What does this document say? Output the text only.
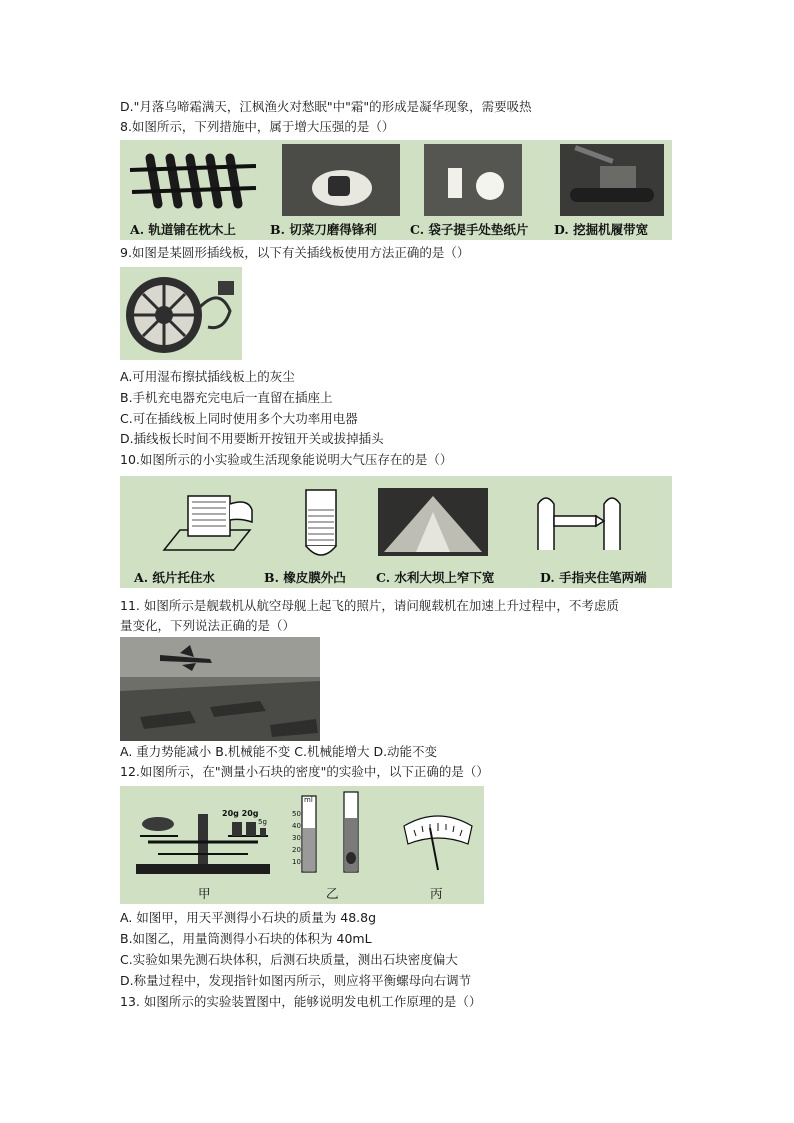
D."月落乌啼霜满天，江枫渔火对愁眠"中"霜"的形成是凝华现象，需要吸热
8.如图所示，下列措施中，属于增大压强的是（）
A. 轨道铺在枕木上	B. 切菜刀磨得锋利	C. 袋子提手处垫纸片 D. 挖掘机履带宽
9.如图是某圆形插线板，以下有关插线板使用方法正确的是（）
A.可用湿布擦拭插线板上的灰尘
B.手机充电器充完电后一直留在插座上
C.可在插线板上同时使用多个大功率用电器
D.插线板长时间不用要断开按钮开关或拔掉插头
10.如图所示的小实验或生活现象能说明大气压存在的是（）
A. 纸片托住水	B. 橡皮膜外凸 C. 水利大坝上窄下宽	D. 手指夹住笔两端
11. 如图所示是舰载机从航空母舰上起飞的照片，请问舰载机在加速上升过程中，不考虑质
量变化，下列说法正确的是（）
A. 重力势能减小 B.机械能不变 C.机械能增大 D.动能不变
12.如图所示，在"测量小石块的密度"的实验中，以下正确的是（）
20g 20g
5g
ml
50
40
30
20
10
甲	乙	丙
A. 如图甲，用天平测得小石块的质量为 48.8g
B.如图乙，用量筒测得小石块的体积为 40mL
C.实验如果先测石块体积，后测石块质量，测出石块密度偏大
D.称量过程中，发现指针如图丙所示，则应将平衡螺母向右调节
13. 如图所示的实验装置图中，能够说明发电机工作原理的是（）
